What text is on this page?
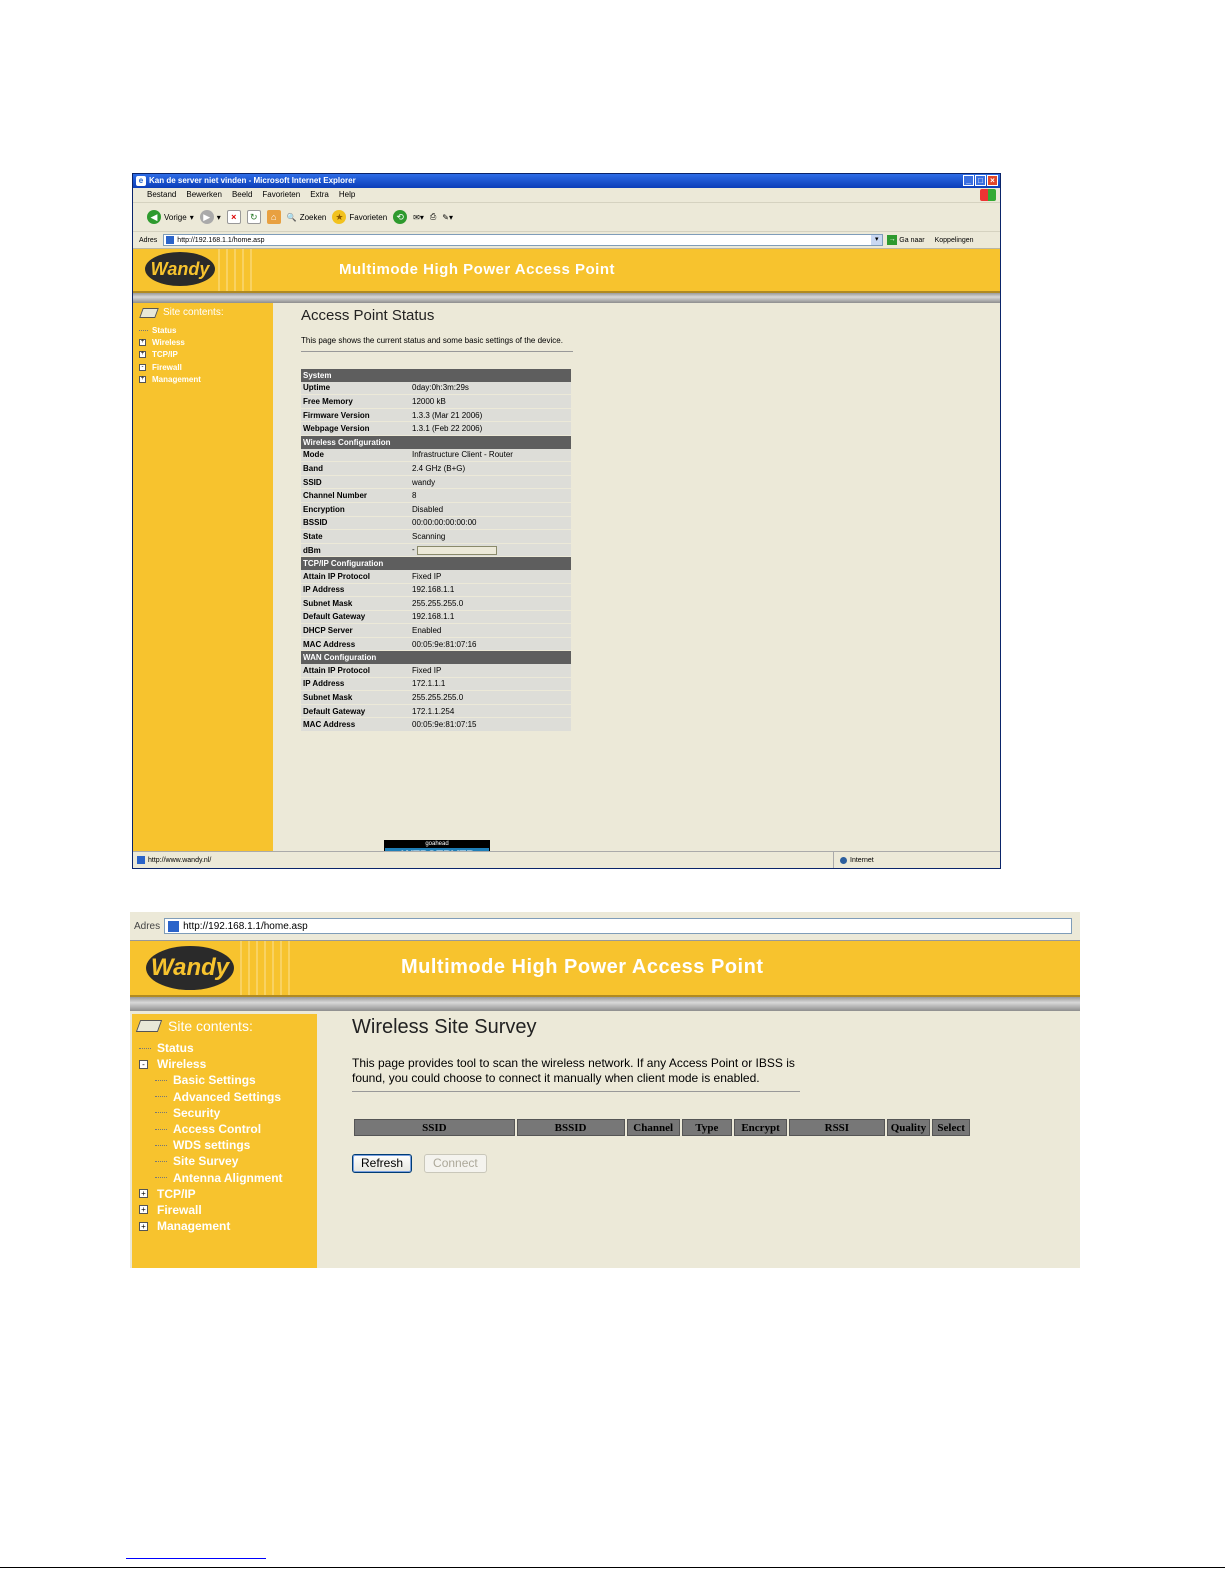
e Kan de server niet vinden - Microsoft Internet Explorer	_ □ ×
Bestand Bewerken Beeld Favorieten Extra Help
◀ Vorige ▾	▶ ▾	×	↻	⌂	🔍 Zoeken ★ Favorieten	⟲	✉▾ ⎙ ✎▾
Adres	http://192.168.1.1/home.asp	▾	→ Ga naar Koppelingen
Wandy	Multimode High Power Access Point
Site contents:
Status
+ Wireless
+ TCP/IP
-	Firewall
+ Management
Access Point Status

This page shows the current status and some basic settings of the device.

System	
Uptime	0day:0h:3m:29s
Free Memory	12000 kB
Firmware Version	1.3.3 (Mar 21 2006)
Webpage Version	1.3.1 (Feb 22 2006)
Wireless Configuration	
Mode	Infrastructure Client - Router
Band	2.4 GHz (B+G)
SSID	wandy
Channel Number	8
Encryption	Disabled
BSSID	00:00:00:00:00:00
State	Scanning
dBm	-
TCP/IP Configuration	
Attain IP Protocol	Fixed IP
IP Address	192.168.1.1
Subnet Mask	255.255.255.0
Default Gateway	192.168.1.1
DHCP Server	Enabled
MAC Address	00:05:9e:81:07:16
WAN Configuration	
Attain IP Protocol	Fixed IP
IP Address	172.1.1.1
Subnet Mask	255.255.255.0
Default Gateway	172.1.1.254
MAC Address	00:05:9e:81:07:15
goahead
http://www.wandy.nl/	Internet
Adres http://192.168.1.1/home.asp
Wandy	Multimode High Power Access Point
Site contents:
Status
- Wireless
Basic Settings
Advanced Settings
Security
Access Control
WDS settings
Site Survey
Antenna Alignment
+ TCP/IP
+ Firewall
+ Management
Wireless Site Survey

This page provides tool to scan the wireless network. If any Access Point or IBSS is found, you could choose to connect it manually when client mode is enabled.

SSID	BSSID	Channel	Type	Encrypt	RSSI	Quality	Select
Refresh	Connect
